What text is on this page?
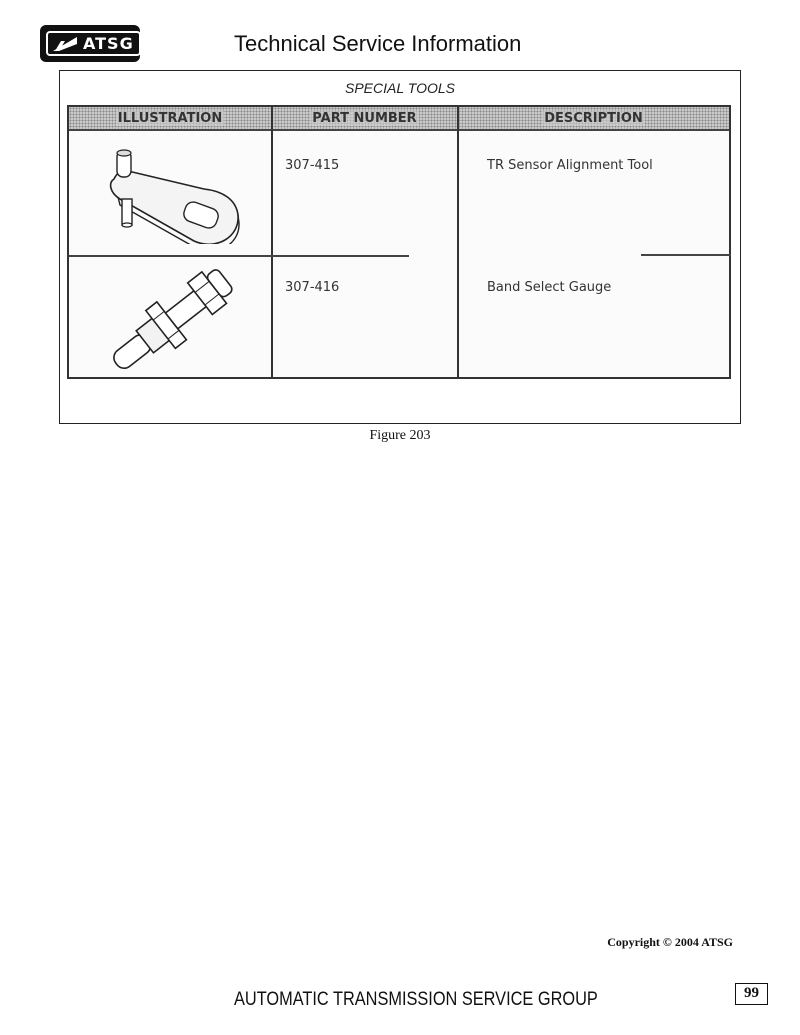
ATSG	Technical Service Information
SPECIAL TOOLS
ILLUSTRATION	PART NUMBER	DESCRIPTION
307-415	TR Sensor Alignment Tool
307-416	Band Select Gauge
Figure 203
Copyright © 2004 ATSG
AUTOMATIC TRANSMISSION SERVICE GROUP	99
